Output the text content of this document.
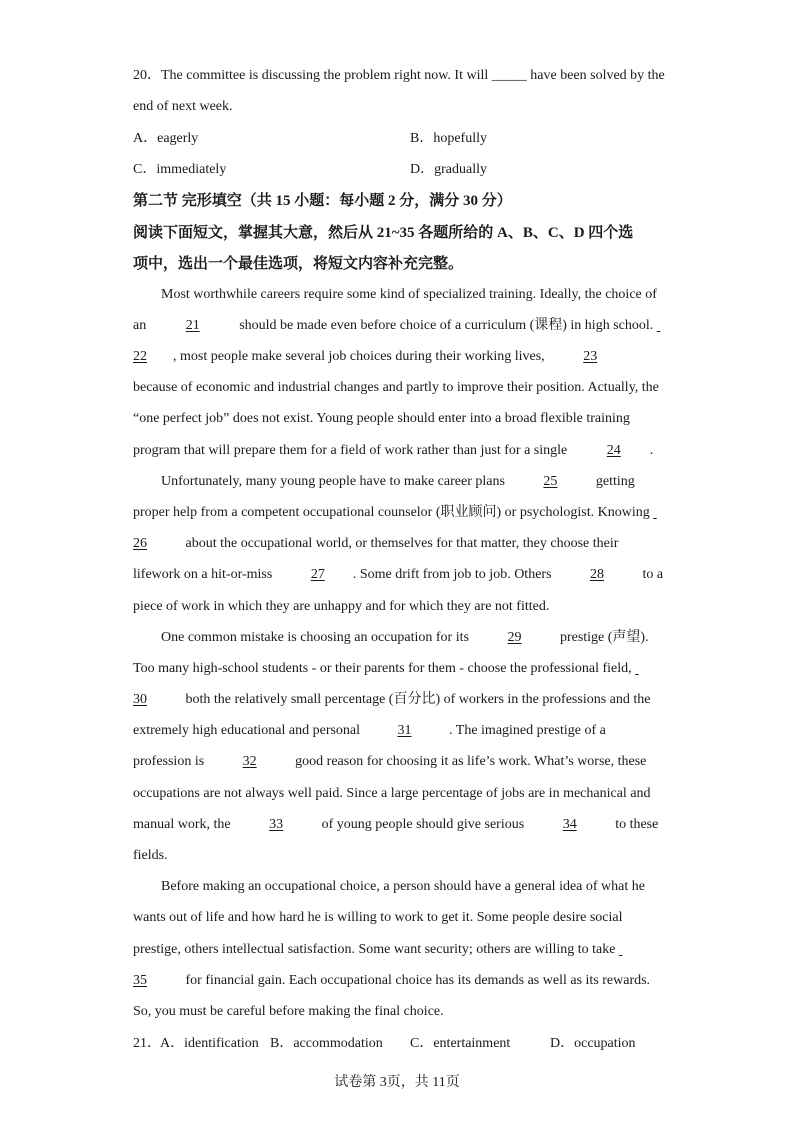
20．The committee is discussing the problem right now. It will _____ have been solved by the
end of next week.
A．eagerly	B．hopefully
C．immediately	D．gradually
第二节 完形填空（共 15 小题：每小题 2 分，满分 30 分）
阅读下面短文，掌握其大意，然后从 21~35 各题所给的 A、B、C、D 四个选
项中，选出一个最佳选项，将短文内容补充完整。
Most worthwhile careers require some kind of specialized training. Ideally, the choice of
an	21	should be made even before choice of a curriculum (课程) in high school.
22 , most people make several job choices during their working lives,	23
because of economic and industrial changes and partly to improve their position. Actually, the
“one perfect job” does not exist. Young people should enter into a broad flexible training
program that will prepare them for a field of work rather than just for a single	24 .
Unfortunately, many young people have to make career plans	25	getting
proper help from a competent occupational counselor (职业顾问) or psychologist. Knowing
26	about the occupational world, or themselves for that matter, they choose their
lifework on a hit-or-miss	27 . Some drift from job to job. Others	28	to a
piece of work in which they are unhappy and for which they are not fitted.
One common mistake is choosing an occupation for its	29	prestige (声望).
Too many high-school students - or their parents for them - choose the professional field,
30	both the relatively small percentage (百分比) of workers in the professions and the
extremely high educational and personal	31	. The imagined prestige of a
profession is	32	good reason for choosing it as life’s work. What’s worse, these
occupations are not always well paid. Since a large percentage of jobs are in mechanical and
manual work, the	33	of young people should give serious	34	to these
fields.
Before making an occupational choice, a person should have a general idea of what he
wants out of life and how hard he is willing to work to get it. Some people desire social
prestige, others intellectual satisfaction. Some want security; others are willing to take
35	for financial gain. Each occupational choice has its demands as well as its rewards.
So, you must be careful before making the final choice.
21． A．identification B．accommodation C．entertainment	D．occupation
试卷第 3页，共 11页
